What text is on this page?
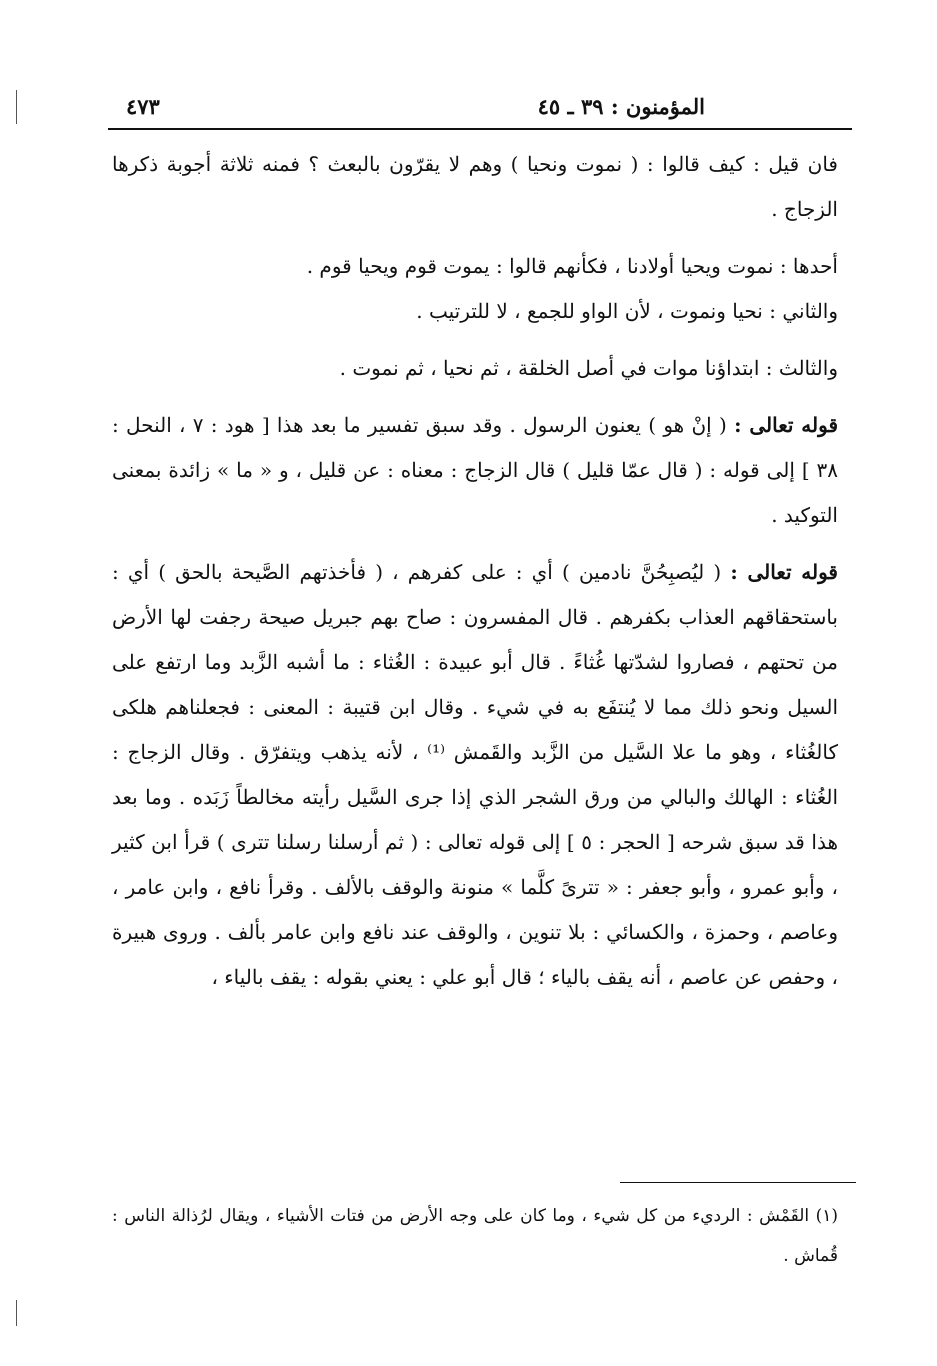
المؤمنون : ٣٩ ـ ٤٥
٤٧٣

فان قيل : كيف قالوا : ( نموت ونحيا ) وهم لا يقرّون بالبعث ؟ فمنه ثلاثة أجوبة ذكرها الزجاج .

أحدها : نموت ويحيا أولادنا ، فكأنهم قالوا : يموت قوم ويحيا قوم .

والثاني : نحيا ونموت ، لأن الواو للجمع ، لا للترتيب .

والثالث : ابتداؤنا موات في أصل الخلقة ، ثم نحيا ، ثم نموت .

قوله تعالى : ( إنْ هو ) يعنون الرسول . وقد سبق تفسير ما بعد هذا [ هود : ٧ ، النحل : ٣٨ ] إلى قوله : ( قال عمّا قليل ) قال الزجاج : معناه : عن قليل ، و « ما » زائدة بمعنى التوكيد .

قوله تعالى : ( ليُصبِحُنَّ نادمين ) أي : على كفرهم ، ( فأخذتهم الصَّيحة بالحق ) أي : باستحقاقهم العذاب بكفرهم . قال المفسرون : صاح بهم جبريل صيحة رجفت لها الأرض من تحتهم ، فصاروا لشدّتها غُثاءً . قال أبو عبيدة : الغُثاء : ما أشبه الزَّبد وما ارتفع على السيل ونحو ذلك مما لا يُنتفَع به في شيء . وقال ابن قتيبة : المعنى : فجعلناهم هلكى كالغُثاء ، وهو ما علا السَّيل من الزَّبد والقَمش ⁽¹⁾ ، لأنه يذهب ويتفرّق . وقال الزجاج : الغُثاء : الهالك والبالي من ورق الشجر الذي إذا جرى السَّيل رأيته مخالطاً زَبَده . وما بعد هذا قد سبق شرحه [ الحجر : ٥ ] إلى قوله تعالى : ( ثم أرسلنا رسلنا تترى ) قرأ ابن كثير ، وأبو عمرو ، وأبو جعفر : « تترىً كلَّما » منونة والوقف بالألف . وقرأ نافع ، وابن عامر ، وعاصم ، وحمزة ، والكسائي : بلا تنوين ، والوقف عند نافع وابن عامر بألف . وروى هبيرة ، وحفص عن عاصم ، أنه يقف بالياء ؛ قال أبو علي : يعني بقوله : يقف بالياء ،

(١) القَمْش : الرديء من كل شيء ، وما كان على وجه الأرض من فتات الأشياء ، ويقال لرُذالة الناس : قُماش .
